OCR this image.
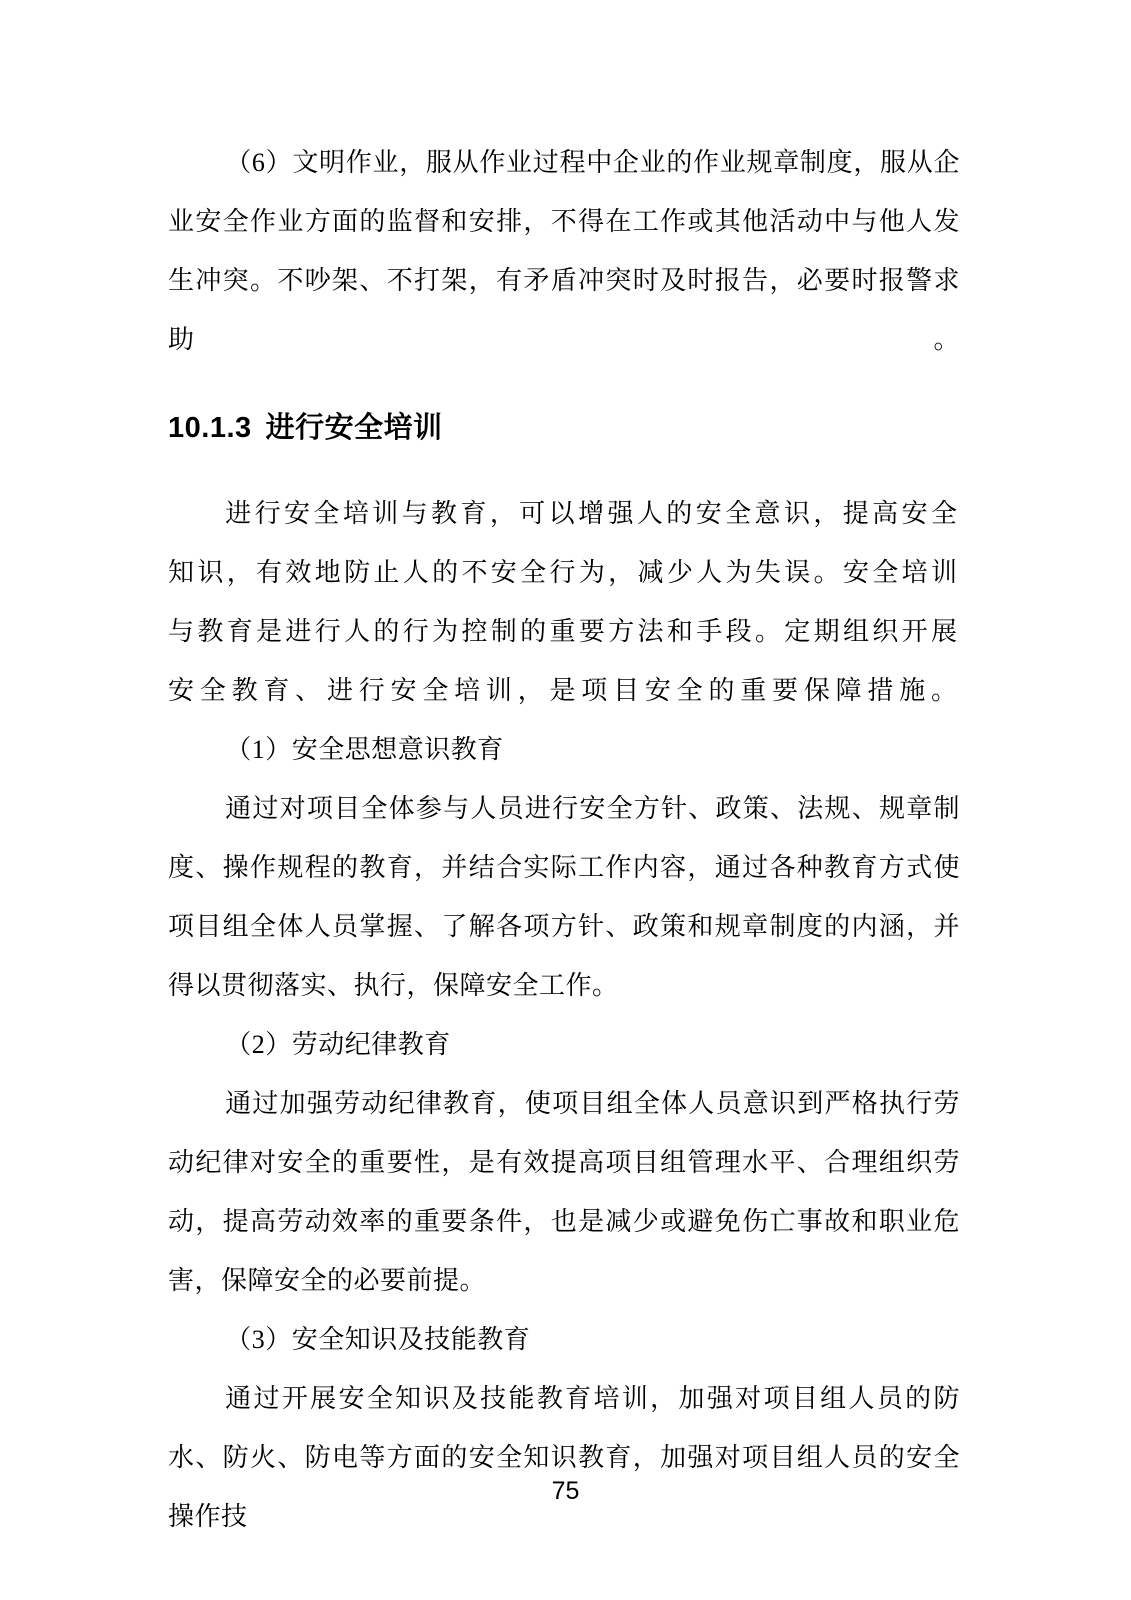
（6）文明作业，服从作业过程中企业的作业规章制度，服从企业安全作业方面的监督和安排，不得在工作或其他活动中与他人发生冲突。不吵架、不打架，有矛盾冲突时及时报告，必要时报警求助。

10.1.3 进行安全培训

进行安全培训与教育，可以增强人的安全意识，提高安全知识，有效地防止人的不安全行为，减少人为失误。安全培训与教育是进行人的行为控制的重要方法和手段。定期组织开展安全教育、进行安全培训，是项目安全的重要保障措施。

（1）安全思想意识教育

通过对项目全体参与人员进行安全方针、政策、法规、规章制度、操作规程的教育，并结合实际工作内容，通过各种教育方式使项目组全体人员掌握、了解各项方针、政策和规章制度的内涵，并得以贯彻落实、执行，保障安全工作。

（2）劳动纪律教育

通过加强劳动纪律教育，使项目组全体人员意识到严格执行劳动纪律对安全的重要性，是有效提高项目组管理水平、合理组织劳动，提高劳动效率的重要条件，也是减少或避免伤亡事故和职业危害，保障安全的必要前提。

（3）安全知识及技能教育

通过开展安全知识及技能教育培训，加强对项目组人员的防水、防火、防电等方面的安全知识教育，加强对项目组人员的安全操作技

75
